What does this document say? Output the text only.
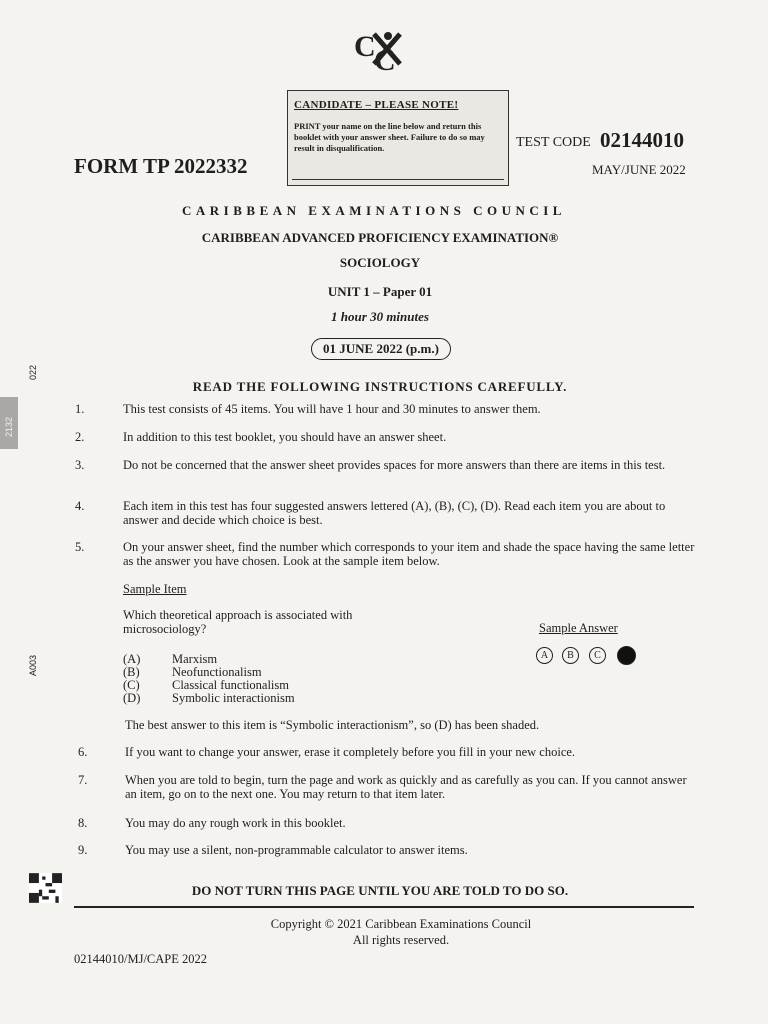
C
C
CANDIDATE – PLEASE NOTE!
PRINT your name on the line below and return this booklet with your answer sheet. Failure to do so may result in disqualification.
FORM TP 2022332
TEST CODE 02144010
MAY/JUNE 2022
CARIBBEAN EXAMINATIONS COUNCIL
CARIBBEAN ADVANCED PROFICIENCY EXAMINATION®
SOCIOLOGY
UNIT 1 – Paper 01
1 hour 30 minutes
01 JUNE 2022 (p.m.)
READ THE FOLLOWING INSTRUCTIONS CAREFULLY.
1.	This test consists of 45 items. You will have 1 hour and 30 minutes to answer them.
2.	In addition to this test booklet, you should have an answer sheet.
3.	Do not be concerned that the answer sheet provides spaces for more answers than there are items in this test.
4.	Each item in this test has four suggested answers lettered (A), (B), (C), (D). Read each item you are about to answer and decide which choice is best.
5.	On your answer sheet, find the number which corresponds to your item and shade the space having the same letter as the answer you have chosen. Look at the sample item below.
Sample Item
Which theoretical approach is associated with microsociology?
(A)	Marxism
(B)	Neofunctionalism
(C)	Classical functionalism
(D)	Symbolic interactionism
Sample Answer
A	B	C
The best answer to this item is “Symbolic interactionism”, so (D) has been shaded.
6.	If you want to change your answer, erase it completely before you fill in your new choice.
7.	When you are told to begin, turn the page and work as quickly and as carefully as you can. If you cannot answer an item, go on to the next one. You may return to that item later.
8.	You may do any rough work in this booklet.
9.	You may use a silent, non-programmable calculator to answer items.
DO NOT TURN THIS PAGE UNTIL YOU ARE TOLD TO DO SO.
Copyright © 2021 Caribbean Examinations Council
All rights reserved.
02144010/MJ/CAPE 2022
022
2132
A003
